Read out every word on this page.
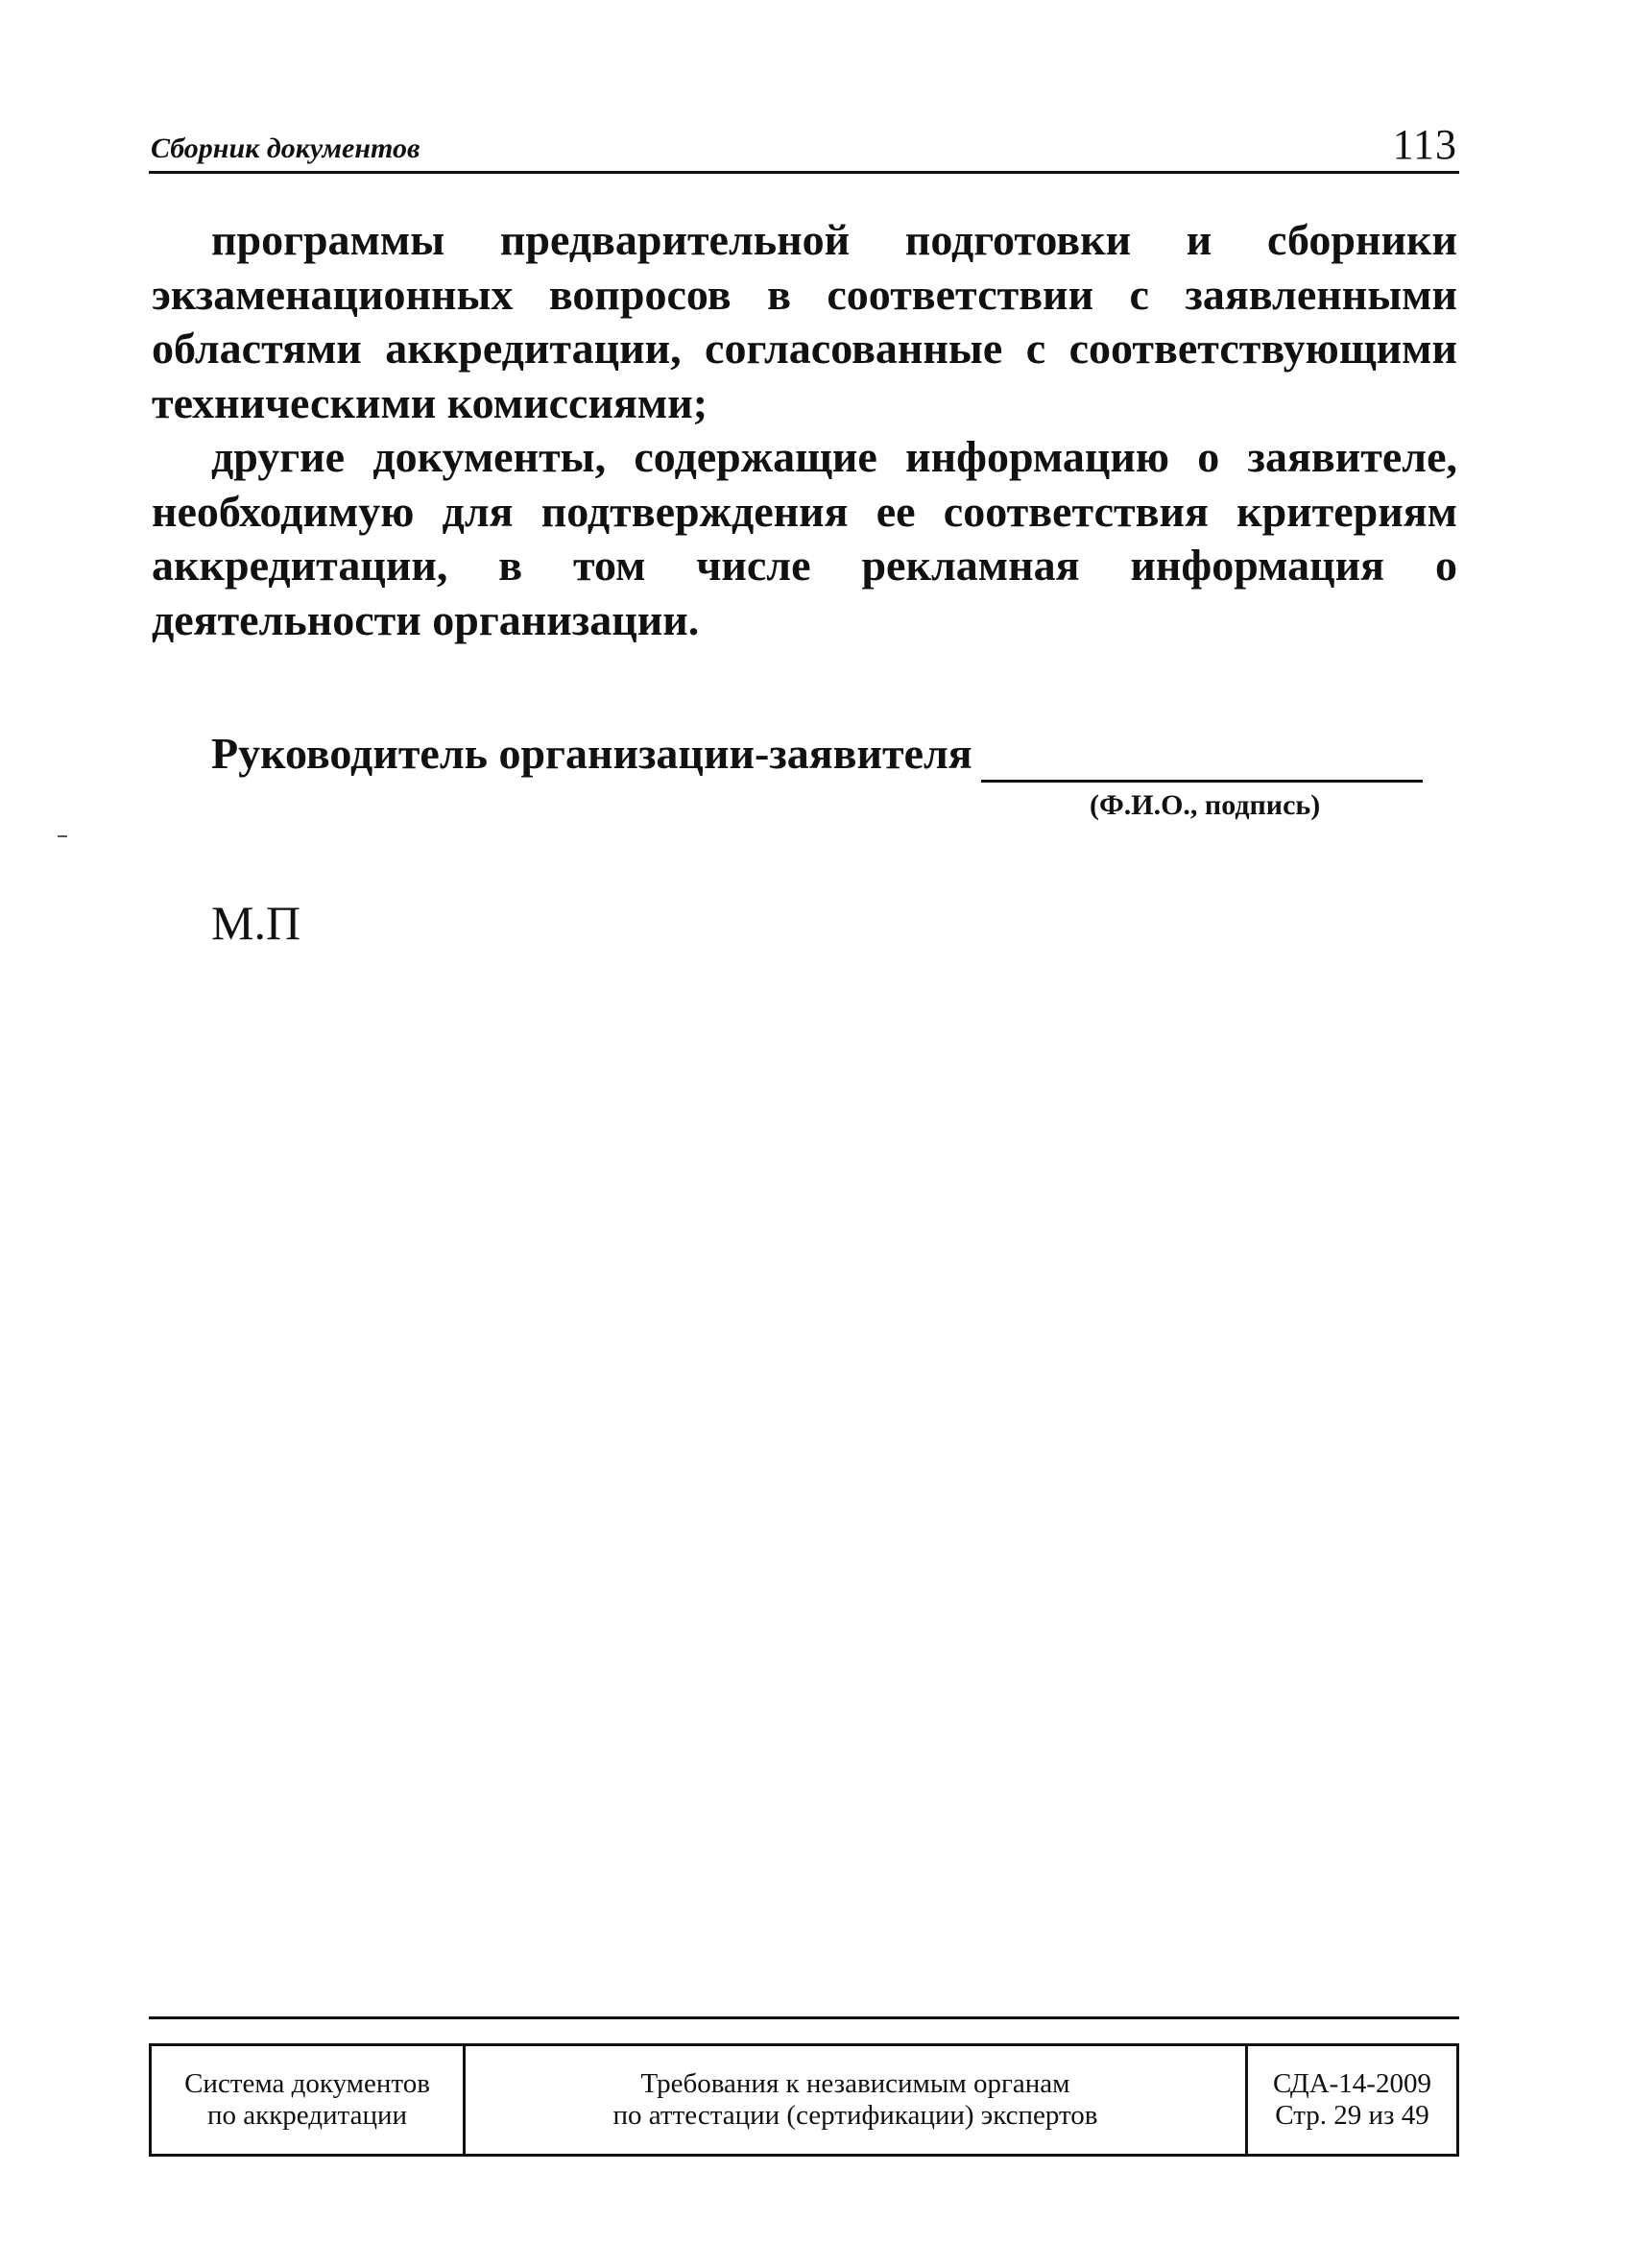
Сборник документов	113

программы предварительной подготовки и сборники экзаменационных вопросов в соответствии с заявленными областями аккредитации, согласованные с соответствующими техническими комиссиями;

другие документы, содержащие информацию о заявителе, необходимую для подтверждения ее соответствия критериям аккредитации, в том числе рекламная информация о деятельности организации.

Руководитель организации-заявителя
(Ф.И.О., подпись)
М.П
Система документов
по аккредитации
Требования к независимым органам
по аттестации (сертификации) экспертов
СДА-14-2009
Стр. 29 из 49
